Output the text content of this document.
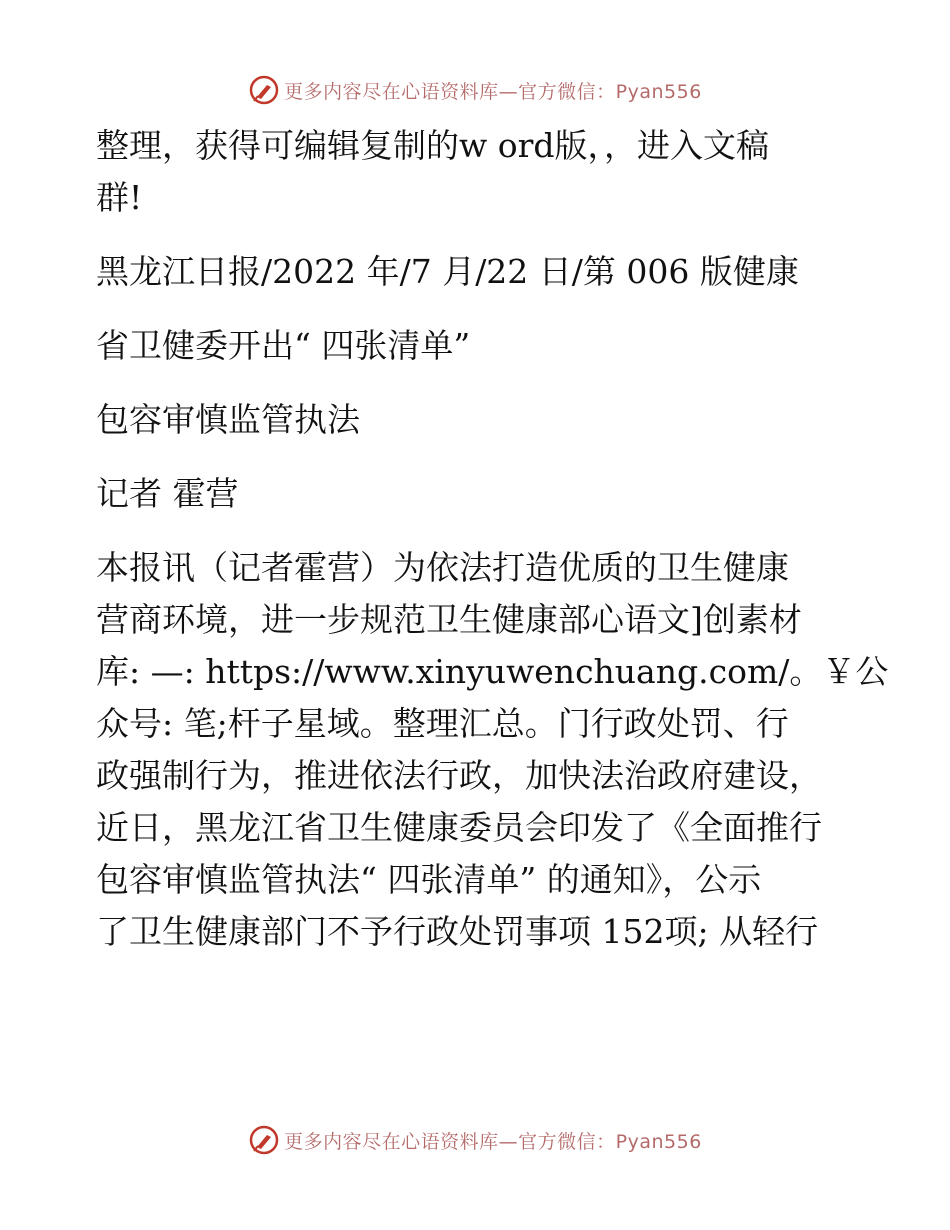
更多内容尽在心语资料库—官方微信：Pyan556
整理，获得可编辑复制的w ord版，，进入文稿
群!
黑龙江日报/2022 年/7 月/22 日/第 006 版健康
省卫健委开出“ 四张清单”
包容审慎监管执法
记者 霍营
本报讯（记者霍营）为依法打造优质的卫生健康
营商环境，进一步规范卫生健康部心语文]创素材
库: —: https://www.xinyuwenchuang.com/。￥公
众号: 笔;杆子星域。整理汇总。门行政处罚、行
政强制行为，推进依法行政，加快法治政府建设，
近日，黑龙江省卫生健康委员会印发了《全面推行
包容审慎监管执法“ 四张清单” 的通知》，公示
了卫生健康部门不予行政处罚事项 152项; 从轻行
更多内容尽在心语资料库—官方微信：Pyan556
